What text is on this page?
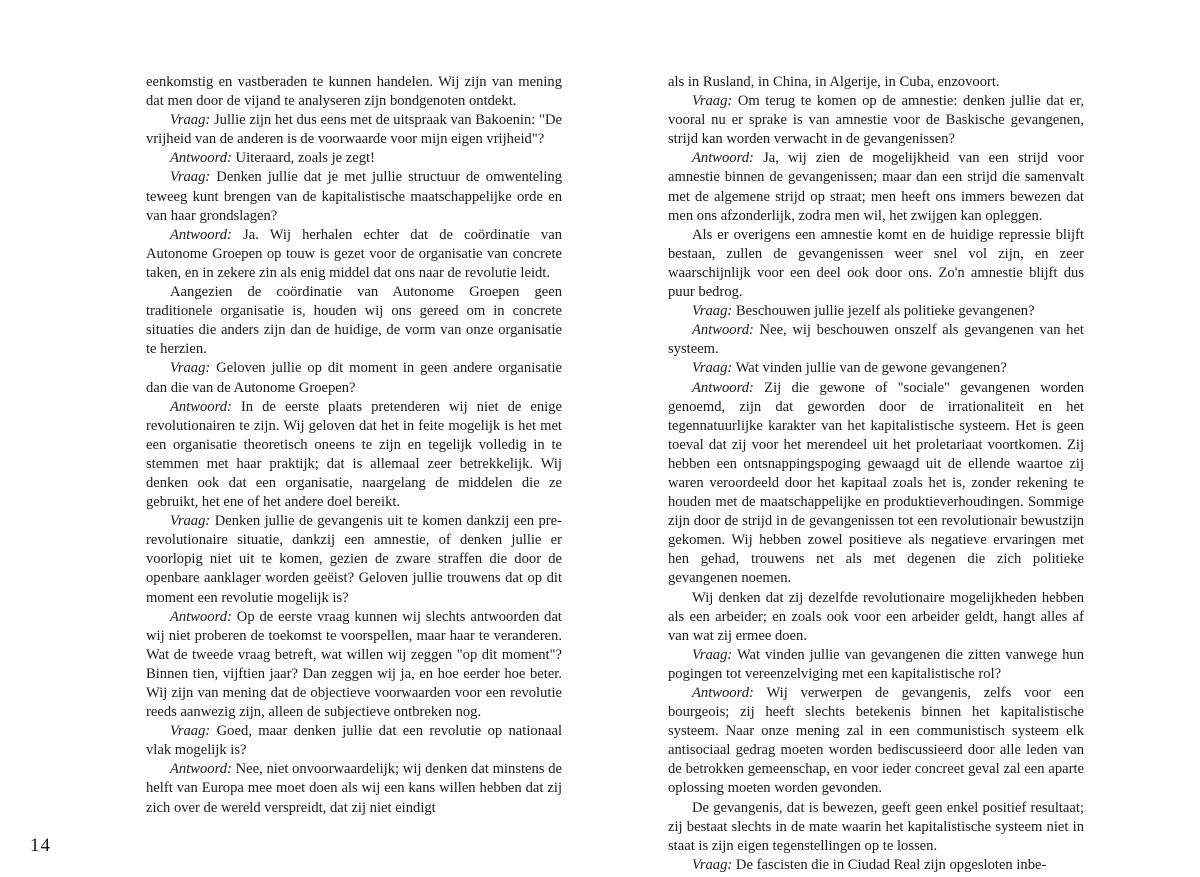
eenkomstig en vastberaden te kunnen handelen. Wij zijn van mening dat men door de vijand te analyseren zijn bondgenoten ontdekt.

Vraag: Jullie zijn het dus eens met de uitspraak van Bakoenin: "De vrijheid van de anderen is de voorwaarde voor mijn eigen vrijheid"?

Antwoord: Uiteraard, zoals je zegt!

Vraag: Denken jullie dat je met jullie structuur de omwenteling teweeg kunt brengen van de kapitalistische maatschappelijke orde en van haar grondslagen?

Antwoord: Ja. Wij herhalen echter dat de coördinatie van Autonome Groepen op touw is gezet voor de organisatie van concrete taken, en in zekere zin als enig middel dat ons naar de revolutie leidt.

Aangezien de coördinatie van Autonome Groepen geen traditionele organisatie is, houden wij ons gereed om in concrete situaties die anders zijn dan de huidige, de vorm van onze organisatie te herzien.

Vraag: Geloven jullie op dit moment in geen andere organisatie dan die van de Autonome Groepen?

Antwoord: In de eerste plaats pretenderen wij niet de enige revolutionairen te zijn. Wij geloven dat het in feite mogelijk is het met een organisatie theoretisch oneens te zijn en tegelijk volledig in te stemmen met haar praktijk; dat is allemaal zeer betrekkelijk. Wij denken ook dat een organisatie, naargelang de middelen die ze gebruikt, het ene of het andere doel bereikt.

Vraag: Denken jullie de gevangenis uit te komen dankzij een pre-revolutionaire situatie, dankzij een amnestie, of denken jullie er voorlopig niet uit te komen, gezien de zware straffen die door de openbare aanklager worden geëist? Geloven jullie trouwens dat op dit moment een revolutie mogelijk is?

Antwoord: Op de eerste vraag kunnen wij slechts antwoorden dat wij niet proberen de toekomst te voorspellen, maar haar te veranderen. Wat de tweede vraag betreft, wat willen wij zeggen "op dit moment"? Binnen tien, vijftien jaar? Dan zeggen wij ja, en hoe eerder hoe beter. Wij zijn van mening dat de objectieve voorwaarden voor een revolutie reeds aanwezig zijn, alleen de subjectieve ontbreken nog.

Vraag: Goed, maar denken jullie dat een revolutie op nationaal vlak mogelijk is?

Antwoord: Nee, niet onvoorwaardelijk; wij denken dat minstens de helft van Europa mee moet doen als wij een kans willen hebben dat zij zich over de wereld verspreidt, dat zij niet eindigt

als in Rusland, in China, in Algerije, in Cuba, enzovoort.

Vraag: Om terug te komen op de amnestie: denken jullie dat er, vooral nu er sprake is van amnestie voor de Baskische gevangenen, strijd kan worden verwacht in de gevangenissen?

Antwoord: Ja, wij zien de mogelijkheid van een strijd voor amnestie binnen de gevangenissen; maar dan een strijd die samenvalt met de algemene strijd op straat; men heeft ons immers bewezen dat men ons afzonderlijk, zodra men wil, het zwijgen kan opleggen.

Als er overigens een amnestie komt en de huidige repressie blijft bestaan, zullen de gevangenissen weer snel vol zijn, en zeer waarschijnlijk voor een deel ook door ons. Zo'n amnestie blijft dus puur bedrog.

Vraag: Beschouwen jullie jezelf als politieke gevangenen?

Antwoord: Nee, wij beschouwen onszelf als gevangenen van het systeem.

Vraag: Wat vinden jullie van de gewone gevangenen?

Antwoord: Zij die gewone of "sociale" gevangenen worden genoemd, zijn dat geworden door de irrationaliteit en het tegennatuurlijke karakter van het kapitalistische systeem. Het is geen toeval dat zij voor het merendeel uit het proletariaat voortkomen. Zij hebben een ontsnappingspoging gewaagd uit de ellende waartoe zij waren veroordeeld door het kapitaal zoals het is, zonder rekening te houden met de maatschappelijke en produktieverhoudingen. Sommige zijn door de strijd in de gevangenissen tot een revolutionair bewustzijn gekomen. Wij hebben zowel positieve als negatieve ervaringen met hen gehad, trouwens net als met degenen die zich politieke gevangenen noemen.

Wij denken dat zij dezelfde revolutionaire mogelijkheden hebben als een arbeider; en zoals ook voor een arbeider geldt, hangt alles af van wat zij ermee doen.

Vraag: Wat vinden jullie van gevangenen die zitten vanwege hun pogingen tot vereenzelviging met een kapitalistische rol?

Antwoord: Wij verwerpen de gevangenis, zelfs voor een bourgeois; zij heeft slechts betekenis binnen het kapitalistische systeem. Naar onze mening zal in een communistisch systeem elk antisociaal gedrag moeten worden bediscussieerd door alle leden van de betrokken gemeenschap, en voor ieder concreet geval zal een aparte oplossing moeten worden gevonden.

De gevangenis, dat is bewezen, geeft geen enkel positief resultaat; zij bestaat slechts in de mate waarin het kapitalistische systeem niet in staat is zijn eigen tegenstellingen op te lossen.

Vraag: De fascisten die in Ciudad Real zijn opgesloten inbe-

14
